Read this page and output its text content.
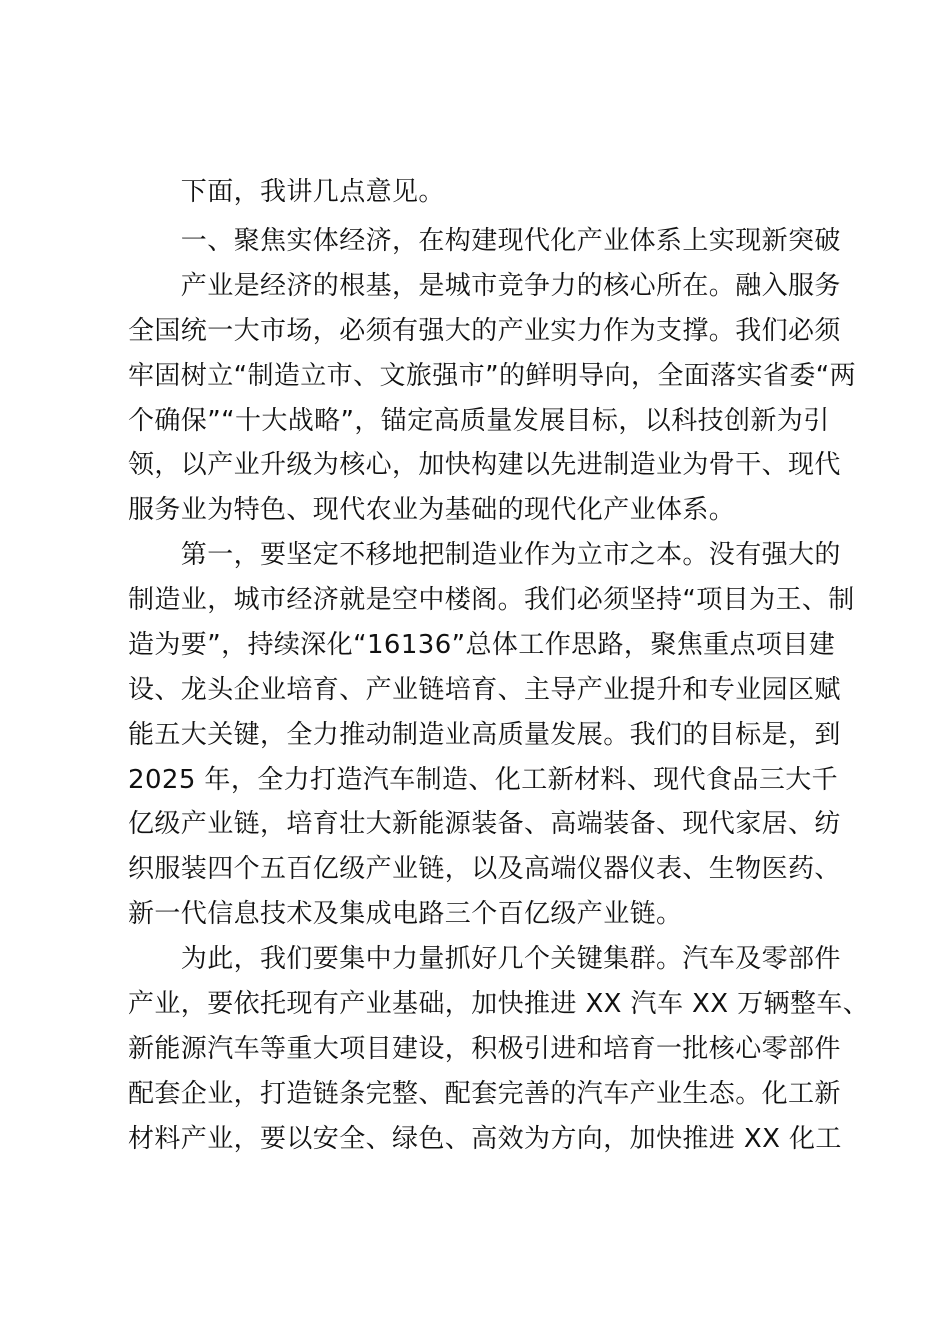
　　下面，我讲几点意见。
　　一、聚焦实体经济，在构建现代化产业体系上实现新突破
　　产业是经济的根基，是城市竞争力的核心所在。融入服务
全国统一大市场，必须有强大的产业实力作为支撑。我们必须
牢固树立“制造立市、文旅强市”的鲜明导向，全面落实省委“两
个确保”“十大战略”，锚定高质量发展目标，以科技创新为引
领，以产业升级为核心，加快构建以先进制造业为骨干、现代
服务业为特色、现代农业为基础的现代化产业体系。
　　第一，要坚定不移地把制造业作为立市之本。没有强大的
制造业，城市经济就是空中楼阁。我们必须坚持“项目为王、制
造为要”，持续深化“16136”总体工作思路，聚焦重点项目建
设、龙头企业培育、产业链培育、主导产业提升和专业园区赋
能五大关键，全力推动制造业高质量发展。我们的目标是，到
2025 年，全力打造汽车制造、化工新材料、现代食品三大千
亿级产业链，培育壮大新能源装备、高端装备、现代家居、纺
织服装四个五百亿级产业链，以及高端仪器仪表、生物医药、
新一代信息技术及集成电路三个百亿级产业链。
　　为此，我们要集中力量抓好几个关键集群。汽车及零部件
产业，要依托现有产业基础，加快推进 XX 汽车 XX 万辆整车、
新能源汽车等重大项目建设，积极引进和培育一批核心零部件
配套企业，打造链条完整、配套完善的汽车产业生态。化工新
材料产业，要以安全、绿色、高效为方向，加快推进 XX 化工
